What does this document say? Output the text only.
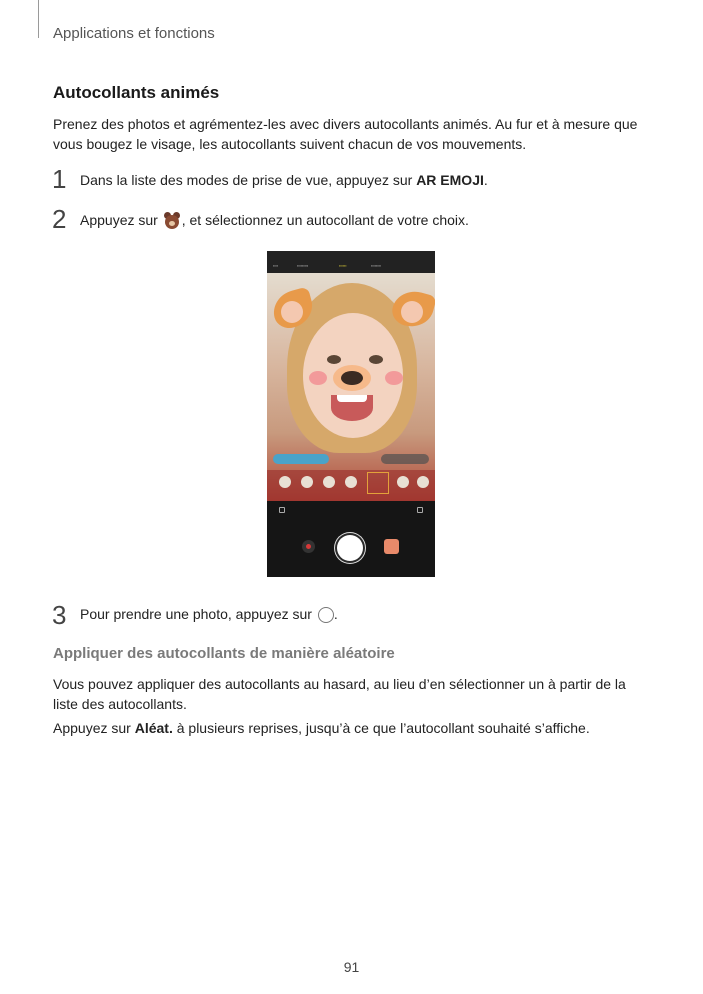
Applications et fonctions
Autocollants animés
Prenez des photos et agrémentez-les avec divers autocollants animés. Au fur et à mesure que vous bougez le visage, les autocollants suivent chacun de vos mouvements.
1 Dans la liste des modes de prise de vue, appuyez sur AR EMOJI.
2 Appuyez sur
, et sélectionnez un autocollant de votre choix.
▪▪▪▪	▪▪▪▪▪▪▪▪▪	▪▪▪▪▪▪	▪▪▪▪▪▪▪▪
3 Pour prendre une photo, appuyez sur .
Appliquer des autocollants de manière aléatoire
Vous pouvez appliquer des autocollants au hasard, au lieu d’en sélectionner un à partir de la liste des autocollants.
Appuyez sur Aléat. à plusieurs reprises, jusqu’à ce que l’autocollant souhaité s’affiche.
91
